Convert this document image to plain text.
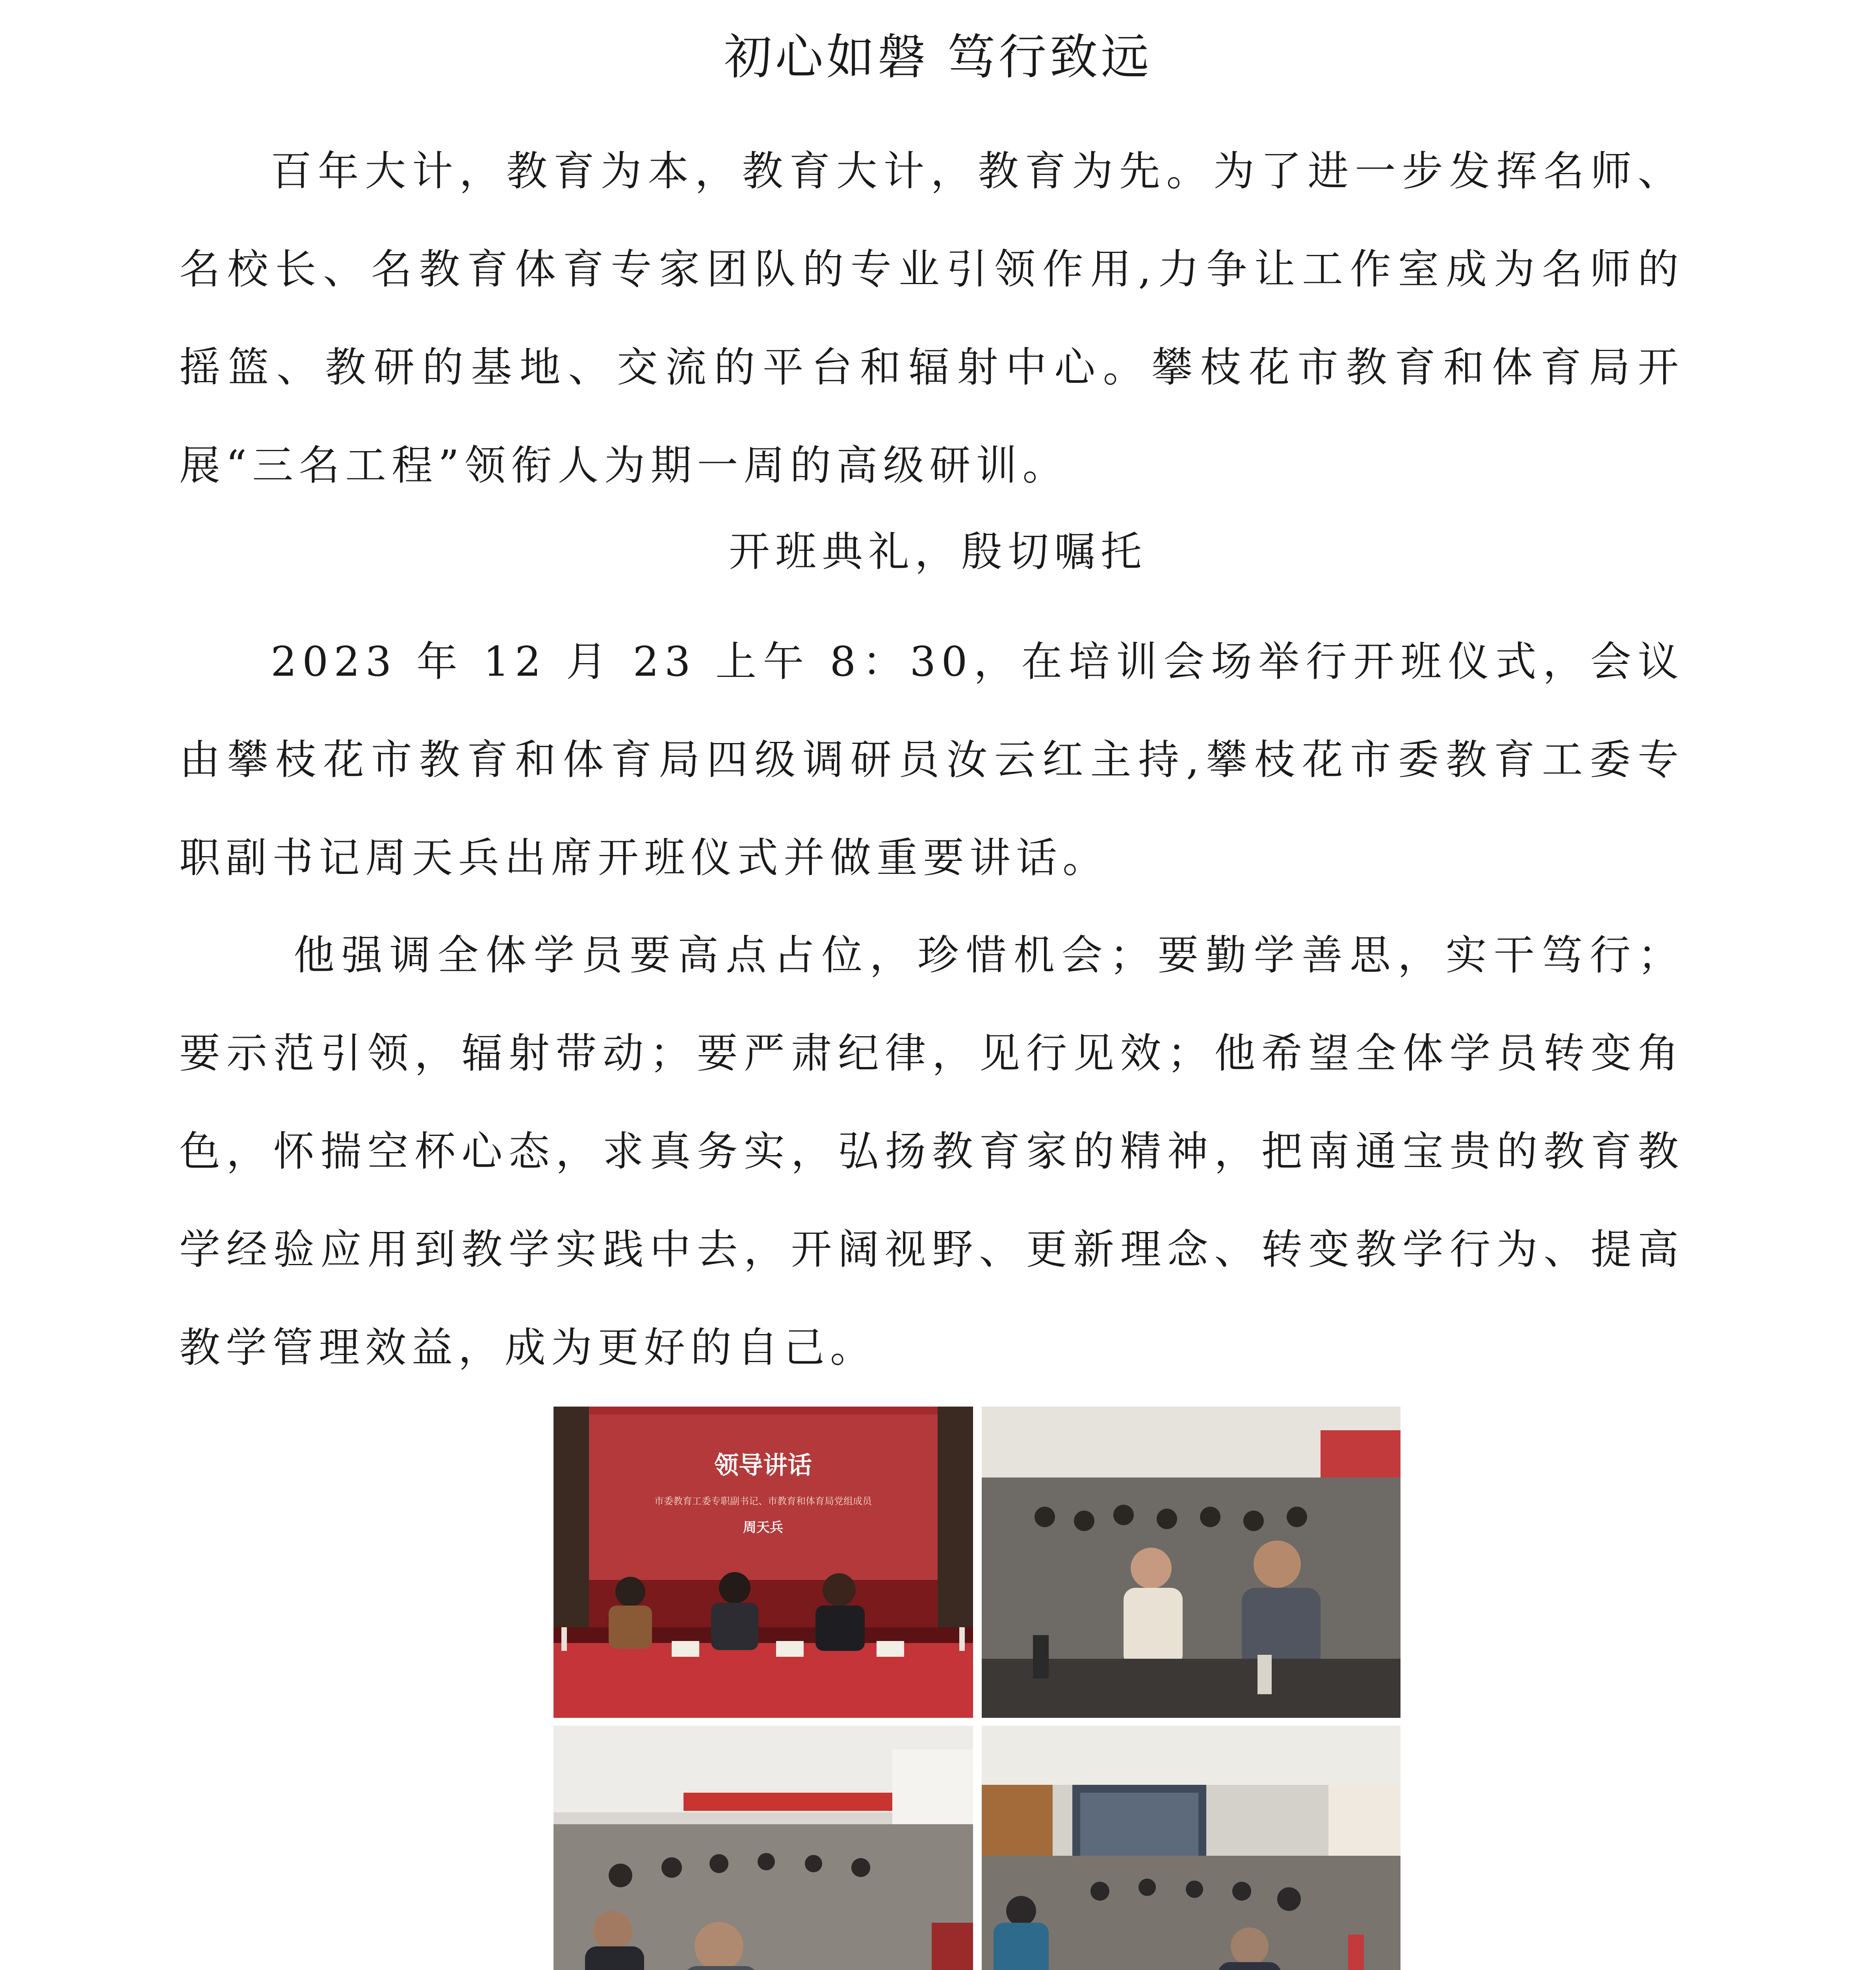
初心如磐 笃行致远

百年大计，教育为本，教育大计，教育为先。为了进一步发挥名师、名校长、名教育体育专家团队的专业引领作用,力争让工作室成为名师的摇篮、教研的基地、交流的平台和辐射中心。攀枝花市教育和体育局开展“三名工程”领衔人为期一周的高级研训。

开班典礼，殷切嘱托

2023 年 12 月 23 上午 8：30，在培训会场举行开班仪式，会议由攀枝花市教育和体育局四级调研员汝云红主持,攀枝花市委教育工委专职副书记周天兵出席开班仪式并做重要讲话。

他强调全体学员要高点占位，珍惜机会；要勤学善思，实干笃行；要示范引领，辐射带动；要严肃纪律，见行见效；他希望全体学员转变角色，怀揣空杯心态，求真务实，弘扬教育家的精神，把南通宝贵的教育教学经验应用到教学实践中去，开阔视野、更新理念、转变教学行为、提高教学管理效益，成为更好的自己。

领导讲话
市委教育工委专职副书记、市教育和体育局党组成员
周天兵
